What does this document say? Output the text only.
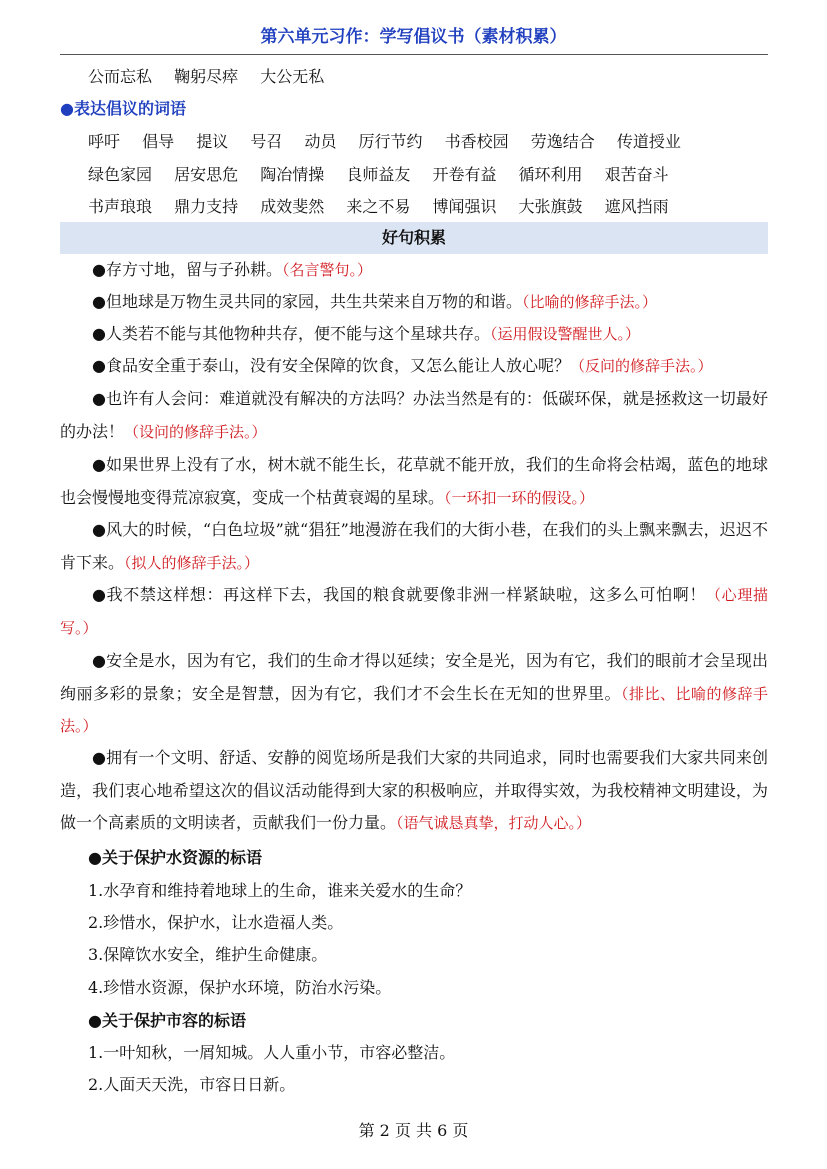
第六单元习作：学写倡议书（素材积累）
公而忘私 鞠躬尽瘁 大公无私
●表达倡议的词语
呼吁 倡导 提议 号召 动员 厉行节约 书香校园 劳逸结合 传道授业
绿色家园 居安思危 陶冶情操 良师益友 开卷有益 循环利用 艰苦奋斗
书声琅琅 鼎力支持 成效斐然 来之不易 博闻强识 大张旗鼓 遮风挡雨
好句积累
●存方寸地，留与子孙耕。（名言警句。）
●但地球是万物生灵共同的家园，共生共荣来自万物的和谐。（比喻的修辞手法。）
●人类若不能与其他物种共存，便不能与这个星球共存。（运用假设警醒世人。）
●食品安全重于泰山，没有安全保障的饮食，又怎么能让人放心呢？（反问的修辞手法。）
●也许有人会问：难道就没有解决的方法吗？办法当然是有的：低碳环保，就是拯救这一切最好的办法！（设问的修辞手法。）
●如果世界上没有了水，树木就不能生长，花草就不能开放，我们的生命将会枯竭，蓝色的地球也会慢慢地变得荒凉寂寞，变成一个枯黄衰竭的星球。（一环扣一环的假设。）
●风大的时候，“白色垃圾”就“猖狂”地漫游在我们的大街小巷，在我们的头上飘来飘去，迟迟不肯下来。（拟人的修辞手法。）
●我不禁这样想：再这样下去，我国的粮食就要像非洲一样紧缺啦，这多么可怕啊！（心理描写。）
●安全是水，因为有它，我们的生命才得以延续；安全是光，因为有它，我们的眼前才会呈现出绚丽多彩的景象；安全是智慧，因为有它，我们才不会生长在无知的世界里。（排比、比喻的修辞手法。）
●拥有一个文明、舒适、安静的阅览场所是我们大家的共同追求，同时也需要我们大家共同来创造，我们衷心地希望这次的倡议活动能得到大家的积极响应，并取得实效，为我校精神文明建设，为做一个高素质的文明读者，贡献我们一份力量。（语气诚恳真挚，打动人心。）
●关于保护水资源的标语
1.水孕育和维持着地球上的生命，谁来关爱水的生命？
2.珍惜水，保护水，让水造福人类。
3.保障饮水安全，维护生命健康。
4.珍惜水资源，保护水环境，防治水污染。
●关于保护市容的标语
1.一叶知秋，一屑知城。人人重小节，市容必整洁。
2.人面天天洗，市容日日新。
第 2 页 共 6 页
